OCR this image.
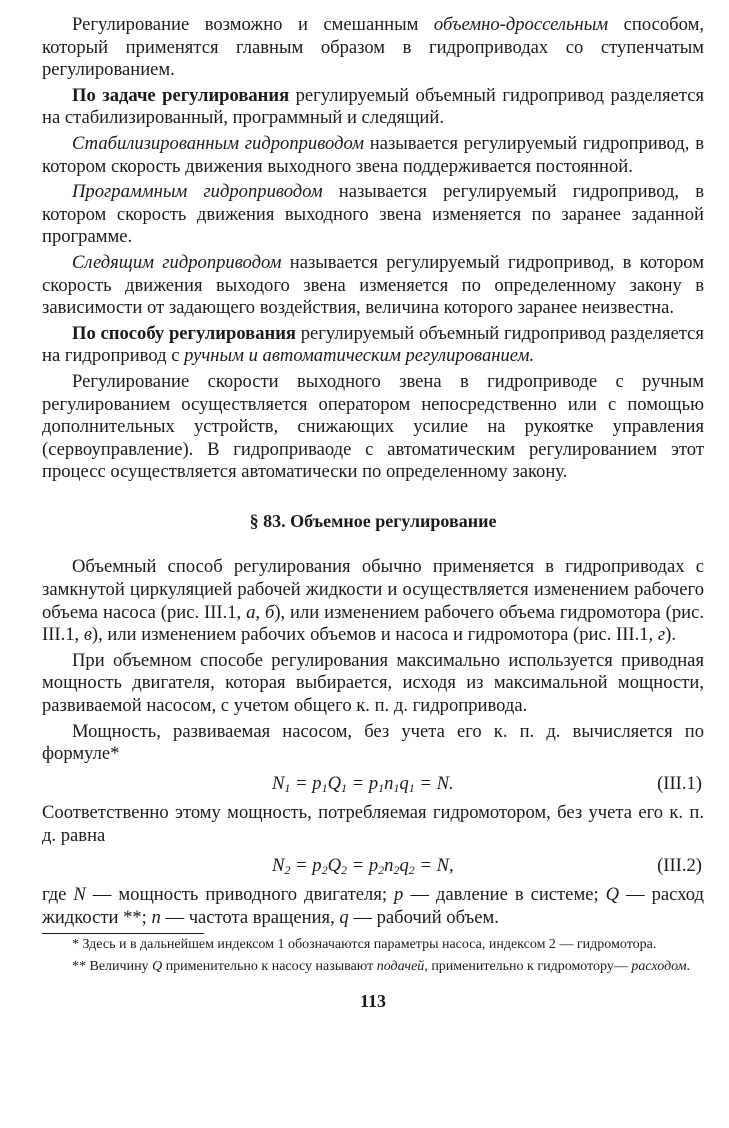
Регулирование возможно и смешанным объемно-дроссельным способом, который применятся главным образом в гидроприводах со ступенчатым регулированием.

По задаче регулирования регулируемый объемный гидропривод разделяется на стабилизированный, программный и следящий.

Стабилизированным гидроприводом называется регулируемый гидропривод, в котором скорость движения выходного звена поддерживается постоянной.

Программным гидроприводом называется регулируемый гидропривод, в котором скорость движения выходного звена изменяется по заранее заданной программе.

Следящим гидроприводом называется регулируемый гидропривод, в котором скорость движения выходого звена изменяется по определенному закону в зависимости от задающего воздействия, величина которого заранее неизвестна.

По способу регулирования регулируемый объемный гидропривод разделяется на гидропривод с ручным и автоматическим регулированием.

Регулирование скорости выходного звена в гидроприводе с ручным регулированием осуществляется оператором непосредственно или с помощью дополнительных устройств, снижающих усилие на рукоятке управления (сервоуправление). В гидроприваоде с автоматическим регулированием этот процесс осуществляется автоматически по определенному закону.

§ 83. Объемное регулирование

Объемный способ регулирования обычно применяется в гидроприводах с замкнутой циркуляцией рабочей жидкости и осуществляется изменением рабочего объема насоса (рис. III.1, а, б), или изменением рабочего объема гидромотора (рис. III.1, в), или изменением рабочих объемов и насоса и гидромотора (рис. III.1, г).

При объемном способе регулирования максимально используется приводная мощность двигателя, которая выбирается, исходя из максимальной мощности, развиваемой насосом, с учетом общего к. п. д. гидропривода.

Мощность, развиваемая насосом, без учета его к. п. д. вычисляется по формуле*

$N_1 = p_1Q_1 = p_1n_1q_1 = N$.	(III.1)

Соответственно этому мощность, потребляемая гидромотором, без учета его к. п. д. равна

$N_2 = p_2Q_2 = p_2n_2q_2 = N$,	(III.2)

где N — мощность приводного двигателя; p — давление в системе; Q — расход жидкости **; n — частота вращения, q — рабочий объем.

* Здесь и в дальнейшем индексом 1 обозначаются параметры насоса, индексом 2 — гидромотора.

** Величину Q применительно к насосу называют подачей, применительно к гидромотору— расходом.

113
